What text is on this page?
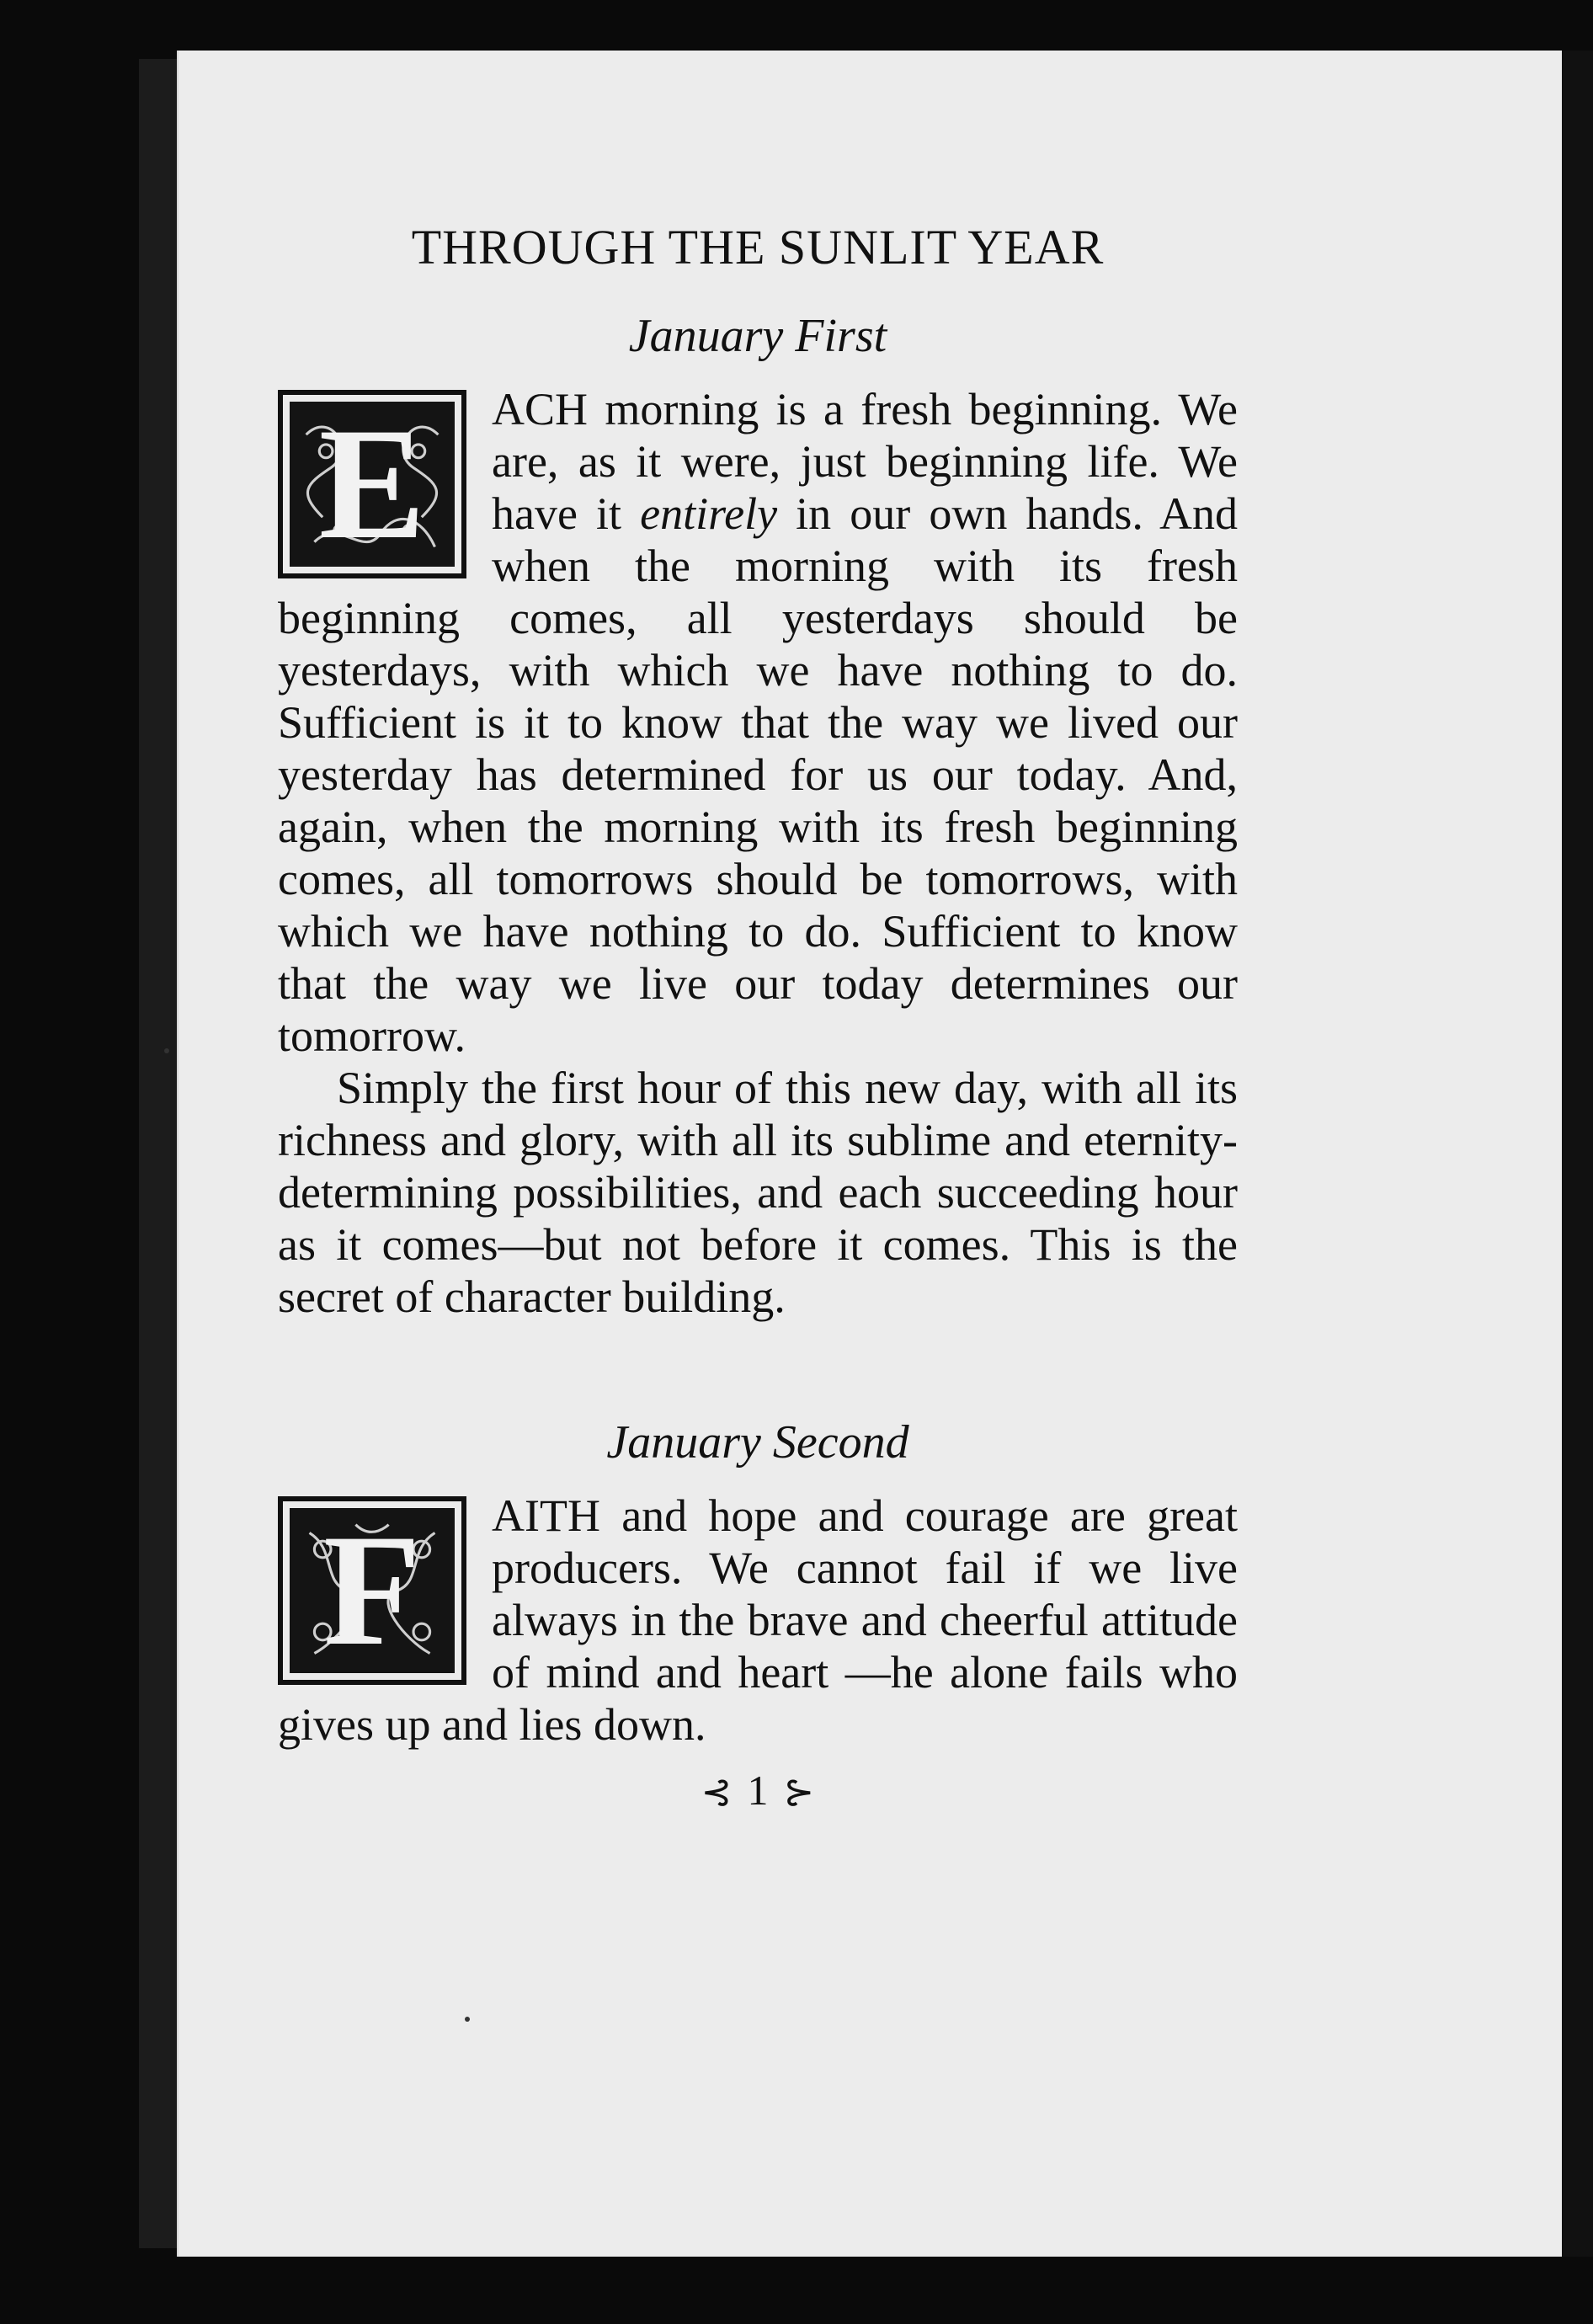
THROUGH THE SUNLIT YEAR
January First

E ACH morning is a fresh beginning. We are, as it were, just beginning life. We have it entirely in our own hands. And when the morning with its fresh beginning comes, all yesterdays should be yesterdays, with which we have nothing to do. Sufficient is it to know that the way we lived our yesterday has determined for us our today. And, again, when the morning with its fresh beginning comes, all tomorrows should be tomorrows, with which we have nothing to do. Sufficient to know that the way we live our today determines our tomorrow.

Simply the first hour of this new day, with all its richness and glory, with all its sublime and eternity-determining possibilities, and each succeeding hour as it comes—but not before it comes. This is the secret of character building.

January Second

F AITH and hope and courage are great producers. We cannot fail if we live always in the brave and cheerful attitude of mind and heart —he alone fails who gives up and lies down.

⊰ 1 ⊱
